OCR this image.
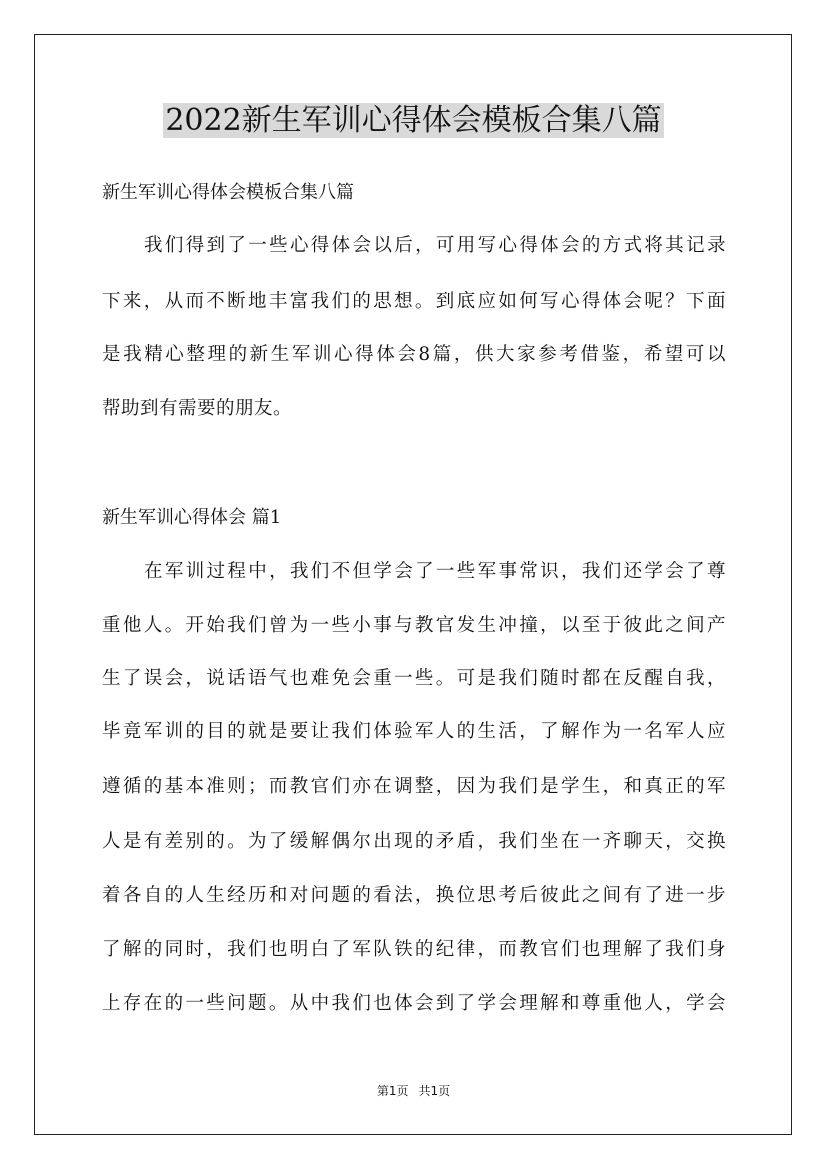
2022新生军训心得体会模板合集八篇
新生军训心得体会模板合集八篇
我们得到了一些心得体会以后，可用写心得体会的方式将其记录
下来，从而不断地丰富我们的思想。到底应如何写心得体会呢？下面
是我精心整理的新生军训心得体会8篇，供大家参考借鉴，希望可以
帮助到有需要的朋友。
新生军训心得体会 篇1
在军训过程中，我们不但学会了一些军事常识，我们还学会了尊
重他人。开始我们曾为一些小事与教官发生冲撞，以至于彼此之间产
生了误会，说话语气也难免会重一些。可是我们随时都在反醒自我，
毕竟军训的目的就是要让我们体验军人的生活，了解作为一名军人应
遵循的基本准则；而教官们亦在调整，因为我们是学生，和真正的军
人是有差别的。为了缓解偶尔出现的矛盾，我们坐在一齐聊天，交换
着各自的人生经历和对问题的看法，换位思考后彼此之间有了进一步
了解的同时，我们也明白了军队铁的纪律，而教官们也理解了我们身
上存在的一些问题。从中我们也体会到了学会理解和尊重他人，学会
第1页 共1页
